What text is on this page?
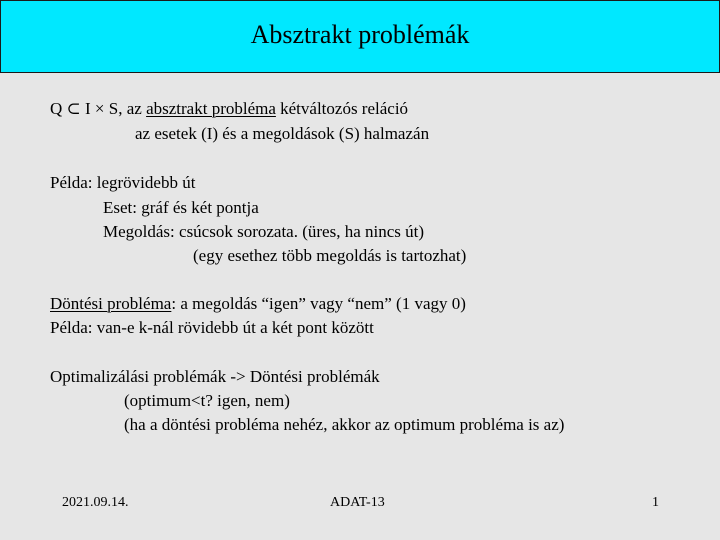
Absztrakt problémák
Q ⊂ I × S, az absztrakt probléma kétváltozós reláció
az esetek (I) és a megoldások (S) halmazán
Példa: legrövidebb út
Eset: gráf és két pontja
Megoldás: csúcsok sorozata. (üres, ha nincs út)
(egy esethez több megoldás is tartozhat)
Döntési probléma: a megoldás “igen” vagy “nem” (1 vagy 0)
Példa: van-e k-nál rövidebb út a két pont között
Optimalizálási problémák -> Döntési problémák
(optimum<t? igen, nem)
(ha a döntési probléma nehéz, akkor az optimum probléma is az)
2021.09.14.	ADAT-13	1
